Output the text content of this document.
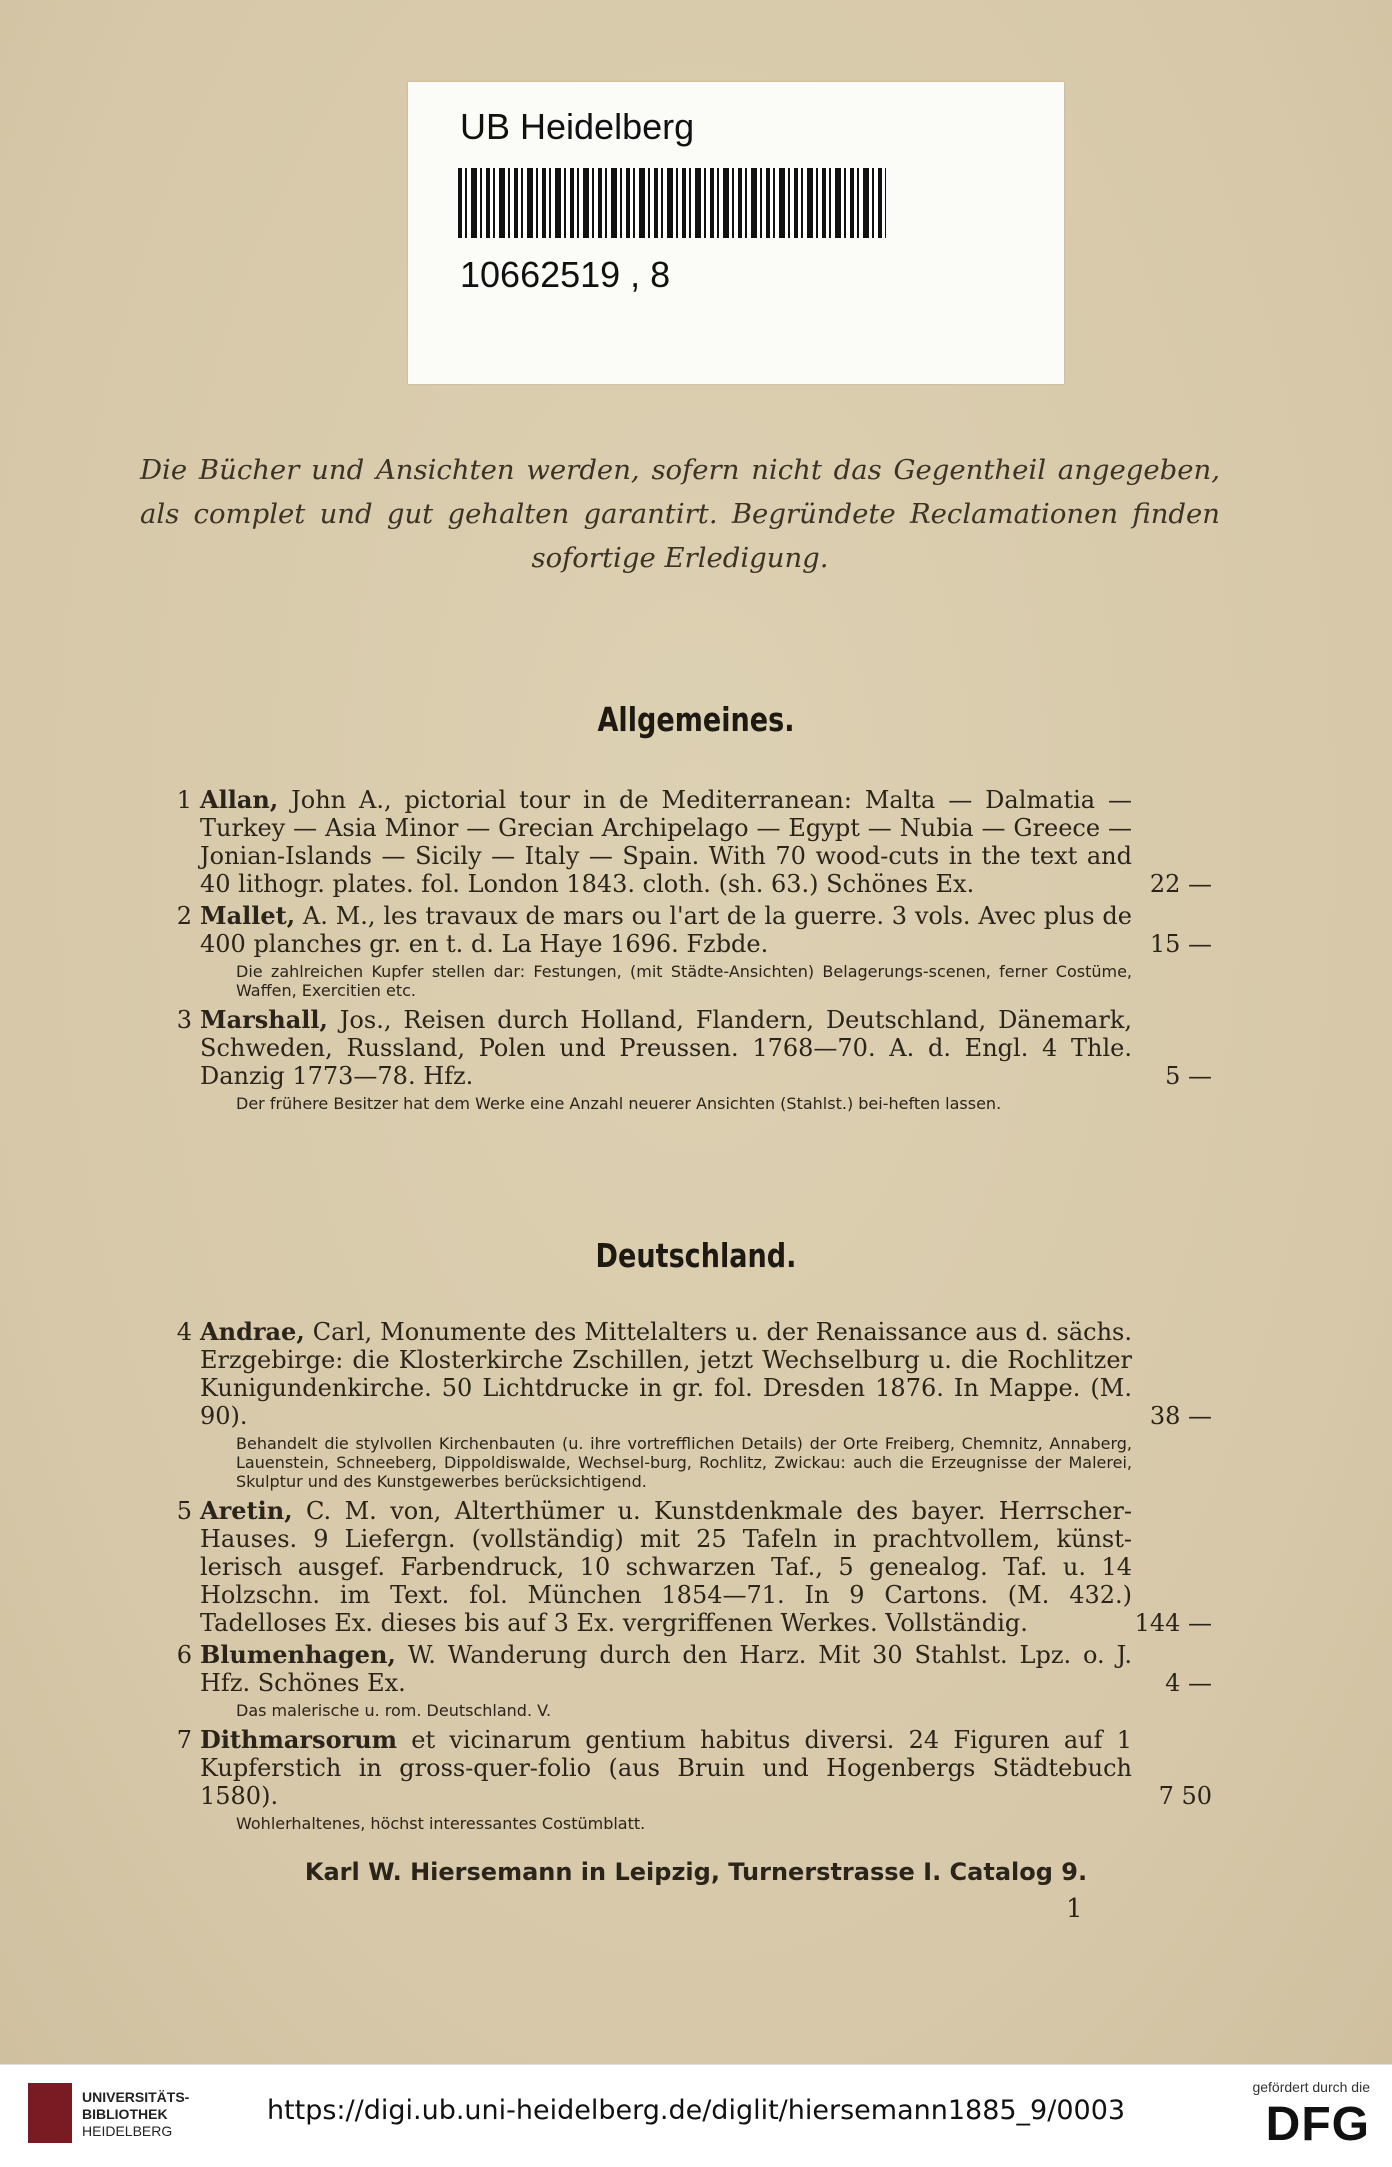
UB Heidelberg
10662519 , 8
Die Bücher und Ansichten werden, sofern nicht das Gegentheil angegeben, als complet und gut gehalten garantirt. Begründete Reclamationen finden sofortige Erledigung.
Allgemeines.
1 Allan, John A., pictorial tour in de Mediterranean: Malta — Dalmatia — Turkey — Asia Minor — Grecian Archipelago — Egypt — Nubia — Greece — Jonian-Islands — Sicily — Italy — Spain. With 70 wood-cuts in the text and 40 lithogr. plates. fol. London 1843. cloth. (sh. 63.) Schönes Ex.	22 —
2 Mallet, A. M., les travaux de mars ou l'art de la guerre. 3 vols. Avec plus de 400 planches gr. en t. d. La Haye 1696. Fzbde.	15 —
Die zahlreichen Kupfer stellen dar: Festungen, (mit Städte-Ansichten) Belagerungs-scenen, ferner Costüme, Waffen, Exercitien etc.
3 Marshall, Jos., Reisen durch Holland, Flandern, Deutschland, Dänemark, Schweden, Russland, Polen und Preussen. 1768—70. A. d. Engl. 4 Thle. Danzig 1773—78. Hfz.	5 —
Der frühere Besitzer hat dem Werke eine Anzahl neuerer Ansichten (Stahlst.) bei-heften lassen.
Deutschland.
4 Andrae, Carl, Monumente des Mittelalters u. der Renaissance aus d. sächs. Erzgebirge: die Klosterkirche Zschillen, jetzt Wechselburg u. die Rochlitzer Kunigundenkirche. 50 Lichtdrucke in gr. fol. Dresden 1876. In Mappe. (M. 90).	38 —
Behandelt die stylvollen Kirchenbauten (u. ihre vortrefflichen Details) der Orte Freiberg, Chemnitz, Annaberg, Lauenstein, Schneeberg, Dippoldiswalde, Wechsel-burg, Rochlitz, Zwickau: auch die Erzeugnisse der Malerei, Skulptur und des Kunstgewerbes berücksichtigend.
5 Aretin, C. M. von, Alterthümer u. Kunstdenkmale des bayer. Herrscher-Hauses. 9 Liefergn. (vollständig) mit 25 Tafeln in prachtvollem, künst-lerisch ausgef. Farbendruck, 10 schwarzen Taf., 5 genealog. Taf. u. 14 Holzschn. im Text. fol. München 1854—71. In 9 Cartons. (M. 432.) Tadelloses Ex. dieses bis auf 3 Ex. vergriffenen Werkes. Vollständig.	144 —
6 Blumenhagen, W. Wanderung durch den Harz. Mit 30 Stahlst. Lpz. o. J. Hfz. Schönes Ex.	4 —
Das malerische u. rom. Deutschland. V.
7 Dithmarsorum et vicinarum gentium habitus diversi. 24 Figuren auf 1 Kupferstich in gross-quer-folio (aus Bruin und Hogenbergs Städtebuch 1580).	7 50
Wohlerhaltenes, höchst interessantes Costümblatt.
Karl W. Hiersemann in Leipzig, Turnerstrasse I. Catalog 9.
1
UNIVERSITÄTS-
BIBLIOTHEK
HEIDELBERG
https://digi.ub.uni-heidelberg.de/diglit/hiersemann1885_9/0003
gefördert durch die
DFG
